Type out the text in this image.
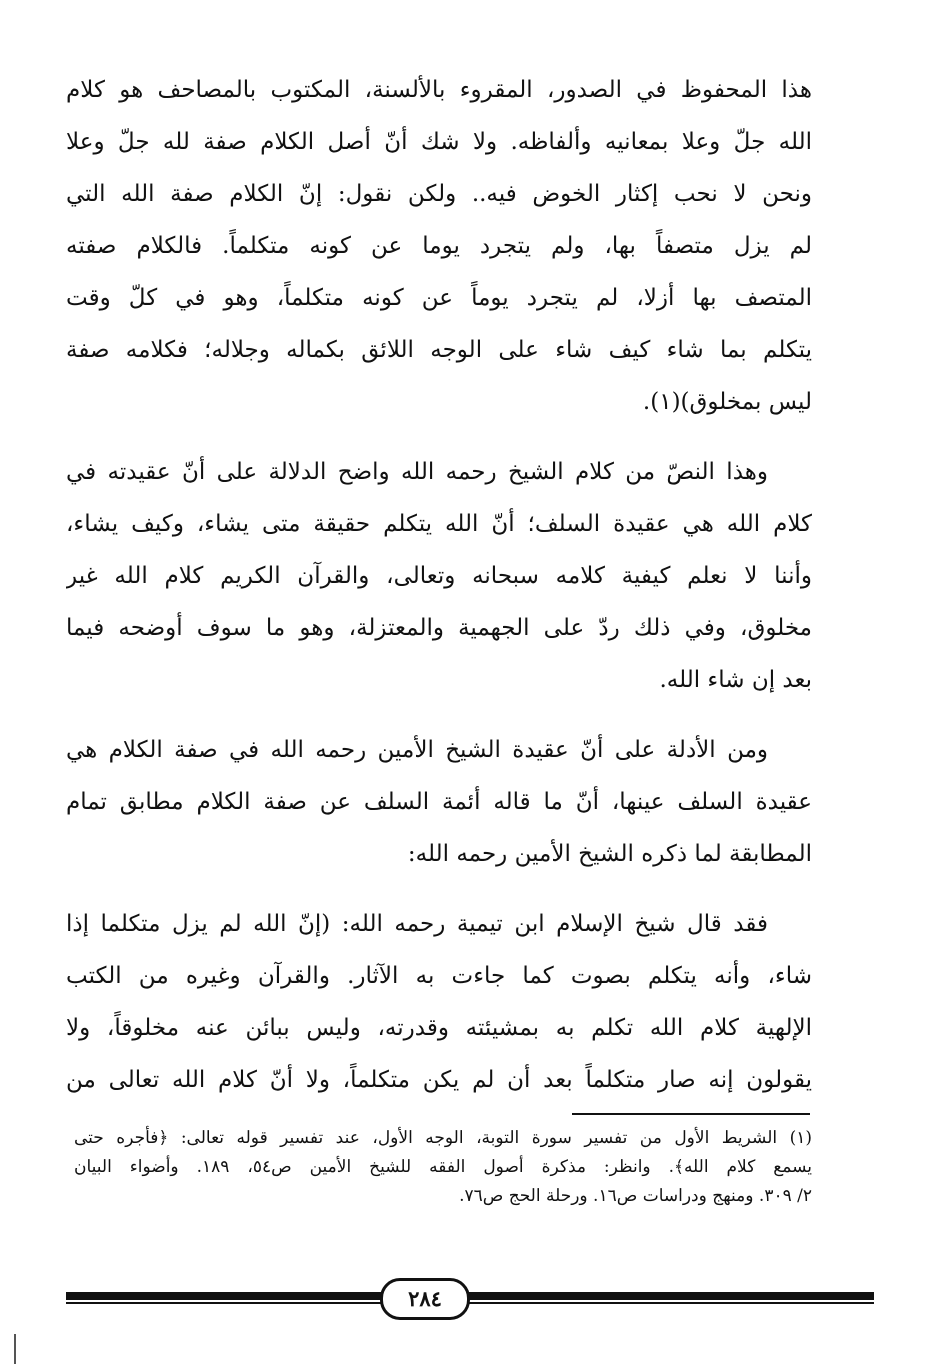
هذا المحفوظ في الصدور، المقروء بالألسنة، المكتوب بالمصاحف هو كلام
الله جلّ وعلا بمعانيه وألفاظه. ولا شك أنّ أصل الكلام صفة لله جلّ وعلا
ونحن لا نحب إكثار الخوض فيه.. ولكن نقول: إنّ الكلام صفة الله التي
لم يزل متصفاً بها، ولم يتجرد يوما عن كونه متكلماً. فالكلام صفته
المتصف بها أزلا، لم يتجرد يوماً عن كونه متكلماً، وهو في كلّ وقت
يتكلم بما شاء كيف شاء على الوجه اللائق بكماله وجلاله؛ فكلامه صفة
ليس بمخلوق)(١).
وهذا النصّ من كلام الشيخ رحمه الله واضح الدلالة على أنّ عقيدته في
كلام الله هي عقيدة السلف؛ أنّ الله يتكلم حقيقة متى يشاء، وكيف يشاء،
وأننا لا نعلم كيفية كلامه سبحانه وتعالى، والقرآن الكريم كلام الله غير
مخلوق، وفي ذلك ردّ على الجهمية والمعتزلة، وهو ما سوف أوضحه فيما
بعد إن شاء الله.
ومن الأدلة على أنّ عقيدة الشيخ الأمين رحمه الله في صفة الكلام هي
عقيدة السلف عينها، أنّ ما قاله أئمة السلف عن صفة الكلام مطابق تمام
المطابقة لما ذكره الشيخ الأمين رحمه الله:
فقد قال شيخ الإسلام ابن تيمية رحمه الله: (إنّ الله لم يزل متكلما إذا
شاء، وأنه يتكلم بصوت كما جاءت به الآثار. والقرآن وغيره من الكتب
الإلهية كلام الله تكلم به بمشيئته وقدرته، وليس ببائن عنه مخلوقاً، ولا
يقولون إنه صار متكلماً بعد أن لم يكن متكلماً، ولا أنّ كلام الله تعالى من
(١) الشريط الأول من تفسير سورة التوبة، الوجه الأول، عند تفسير قوله تعالى: ﴿فأجره حتى
يسمع كلام الله﴾. وانظر: مذكرة أصول الفقه للشيخ الأمين ص٥٤، ١٨٩. وأضواء البيان
٢/ ٣٠٩. ومنهج ودراسات ص١٦. ورحلة الحج ص٧٦.
٢٨٤
